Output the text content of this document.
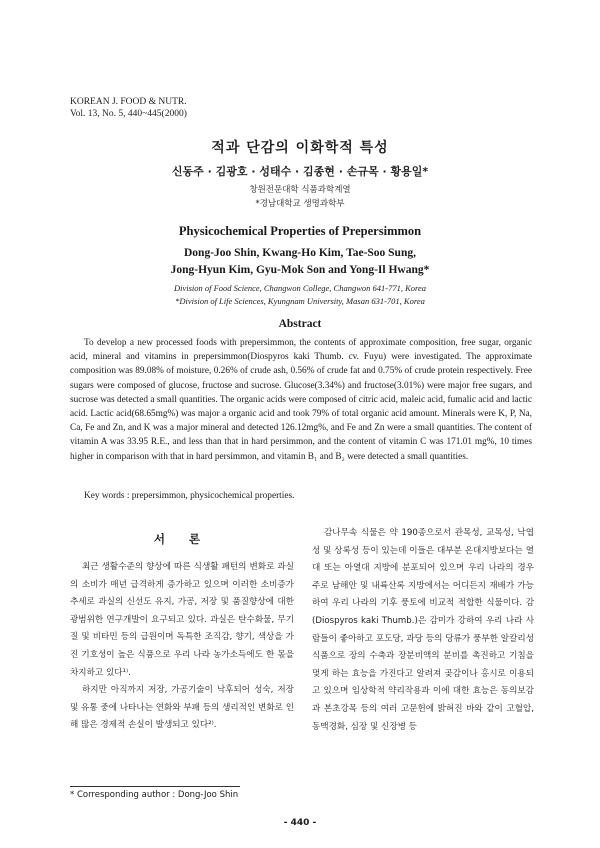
KOREAN J. FOOD & NUTR.
Vol. 13, No. 5, 440~445(2000)
적과 단감의 이화학적 특성
신동주 · 김광호 · 성태수 · 김종현 · 손규목 · 황용일*
창원전문대학 식품과학계열
*경남대학교 생명과학부
Physicochemical Properties of Prepersimmon
Dong-Joo Shin, Kwang-Ho Kim, Tae-Soo Sung,
Jong-Hyun Kim, Gyu-Mok Son and Yong-Il Hwang*
Division of Food Science, Changwon College, Changwon 641-771, Korea
*Division of Life Sciences, Kyungnam University, Masan 631-701, Korea
Abstract

To develop a new processed foods with prepersimmon, the contents of approximate composition, free sugar, organic acid, mineral and vitamins in prepersimmon(Diospyros kaki Thumb. cv. Fuyu) were investigated. The approximate composition was 89.08% of moisture, 0.26% of crude ash, 0.56% of crude fat and 0.75% of crude protein respectively. Free sugars were composed of glucose, fructose and sucrose. Glucose(3.34%) and fructose(3.01%) were major free sugars, and sucrose was detected a small quantities. The organic acids were composed of citric acid, maleic acid, fumalic acid and lactic acid. Lactic acid(68.65mg%) was major a organic acid and took 79% of total organic acid amount. Minerals were K, P, Na, Ca, Fe and Zn, and K was a major mineral and detected 126.12mg%, and Fe and Zn were a small quantities. The content of vitamin A was 33.95 R.E., and less than that in hard persimmon, and the content of vitamin C was 171.01 mg%, 10 times higher in comparison with that in hard persimmon, and vitamin B₁ and B₂ were detected a small quantities.

Key words : prepersimmon, physicochemical properties.
서 론

최근 생활수준의 향상에 따른 식생활 패턴의 변화로 과실의 소비가 매년 급격하게 증가하고 있으며 이러한 소비증가 추세로 과실의 신선도 유지, 가공, 저장 및 품질향상에 대한 광범위한 연구개발이 요구되고 있다. 과실은 탄수화물, 무기질 및 비타민 등의 급원이며 독특한 조직감, 향기, 색상을 가진 기호성이 높은 식품으로 우리 나라 농가소득에도 한 몫을 차지하고 있다¹⁾.

하지만 아직까지 저장, 가공기술이 낙후되어 성숙, 저장 및 유통 중에 나타나는 연화와 부패 등의 생리적인 변화로 인해 많은 경제적 손실이 발생되고 있다²⁾.

감나무속 식물은 약 190종으로서 관목성, 교목성, 낙엽성 및 상록성 등이 있는데 이들은 대부분 온대지방보다는 열대 또는 아열대 지방에 분포되어 있으며 우리 나라의 경우 주로 남해안 및 내륙산록 지방에서는 어디든지 재배가 가능하여 우리 나라의 기후 풍토에 비교적 적합한 식물이다. 감(Diospyros kaki Thumb.)은 감미가 강하여 우리 나라 사람들이 좋아하고 포도당, 과당 등의 당류가 풍부한 알칼리성 식품으로 장의 수축과 장분비액의 분비를 촉진하고 기침을 멎게 하는 효능을 가진다고 알려져 곶감이나 홍시로 이용되고 있으며 임상학적 약리작용과 이에 대한 효능은 동의보감과 본초강목 등의 여러 고문헌에 밝혀진 바와 같이 고혈압, 동맥경화, 심장 및 신장병 등

* Corresponding author : Dong-Joo Shin
- 440 -
